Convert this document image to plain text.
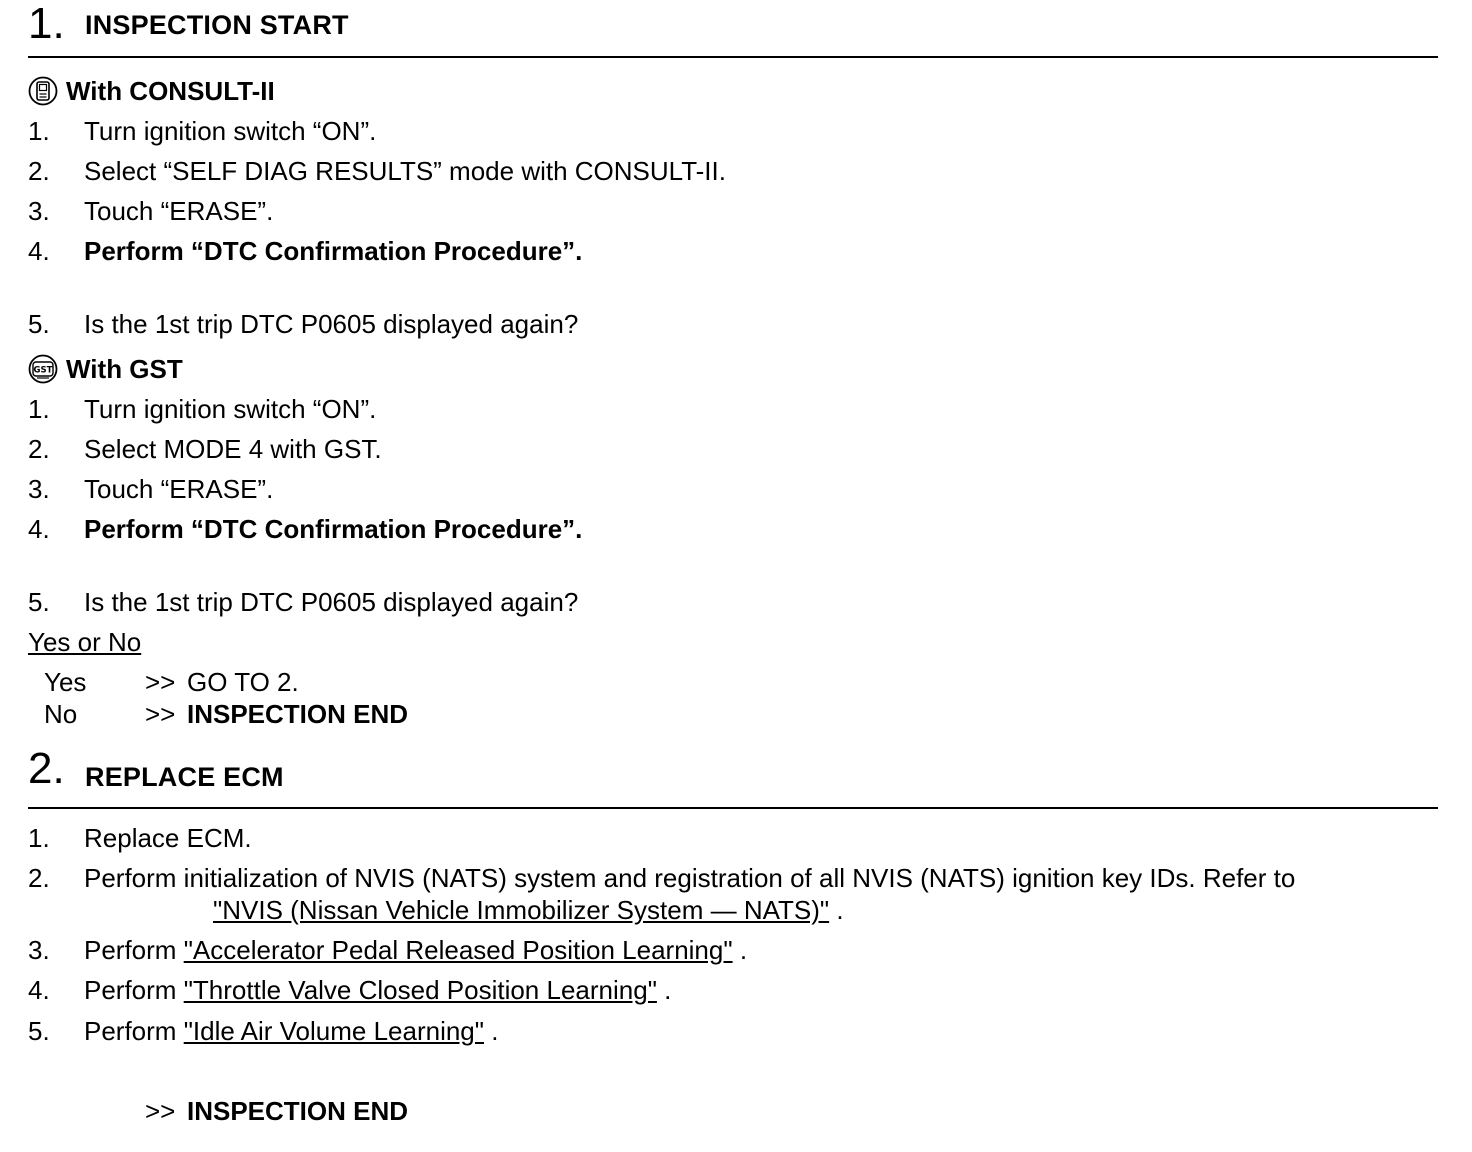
1. INSPECTION START
With CONSULT-II
1. Turn ignition switch “ON”.
2. Select “SELF DIAG RESULTS” mode with CONSULT-II.
3. Touch “ERASE”.
4. Perform “DTC Confirmation Procedure”.
5. Is the 1st trip DTC P0605 displayed again?
GST With GST
1. Turn ignition switch “ON”.
2. Select MODE 4 with GST.
3. Touch “ERASE”.
4. Perform “DTC Confirmation Procedure”.
5. Is the 1st trip DTC P0605 displayed again?
Yes or No
Yes >> GO TO 2.
No	>> INSPECTION END
2. REPLACE ECM
1. Replace ECM.
2. Perform initialization of NVIS (NATS) system and registration of all NVIS (NATS) ignition key IDs. Refer to
"NVIS (Nissan Vehicle Immobilizer System — NATS)" .
3. Perform "Accelerator Pedal Released Position Learning" .
4. Perform "Throttle Valve Closed Position Learning" .
5. Perform "Idle Air Volume Learning" .
>> INSPECTION END
